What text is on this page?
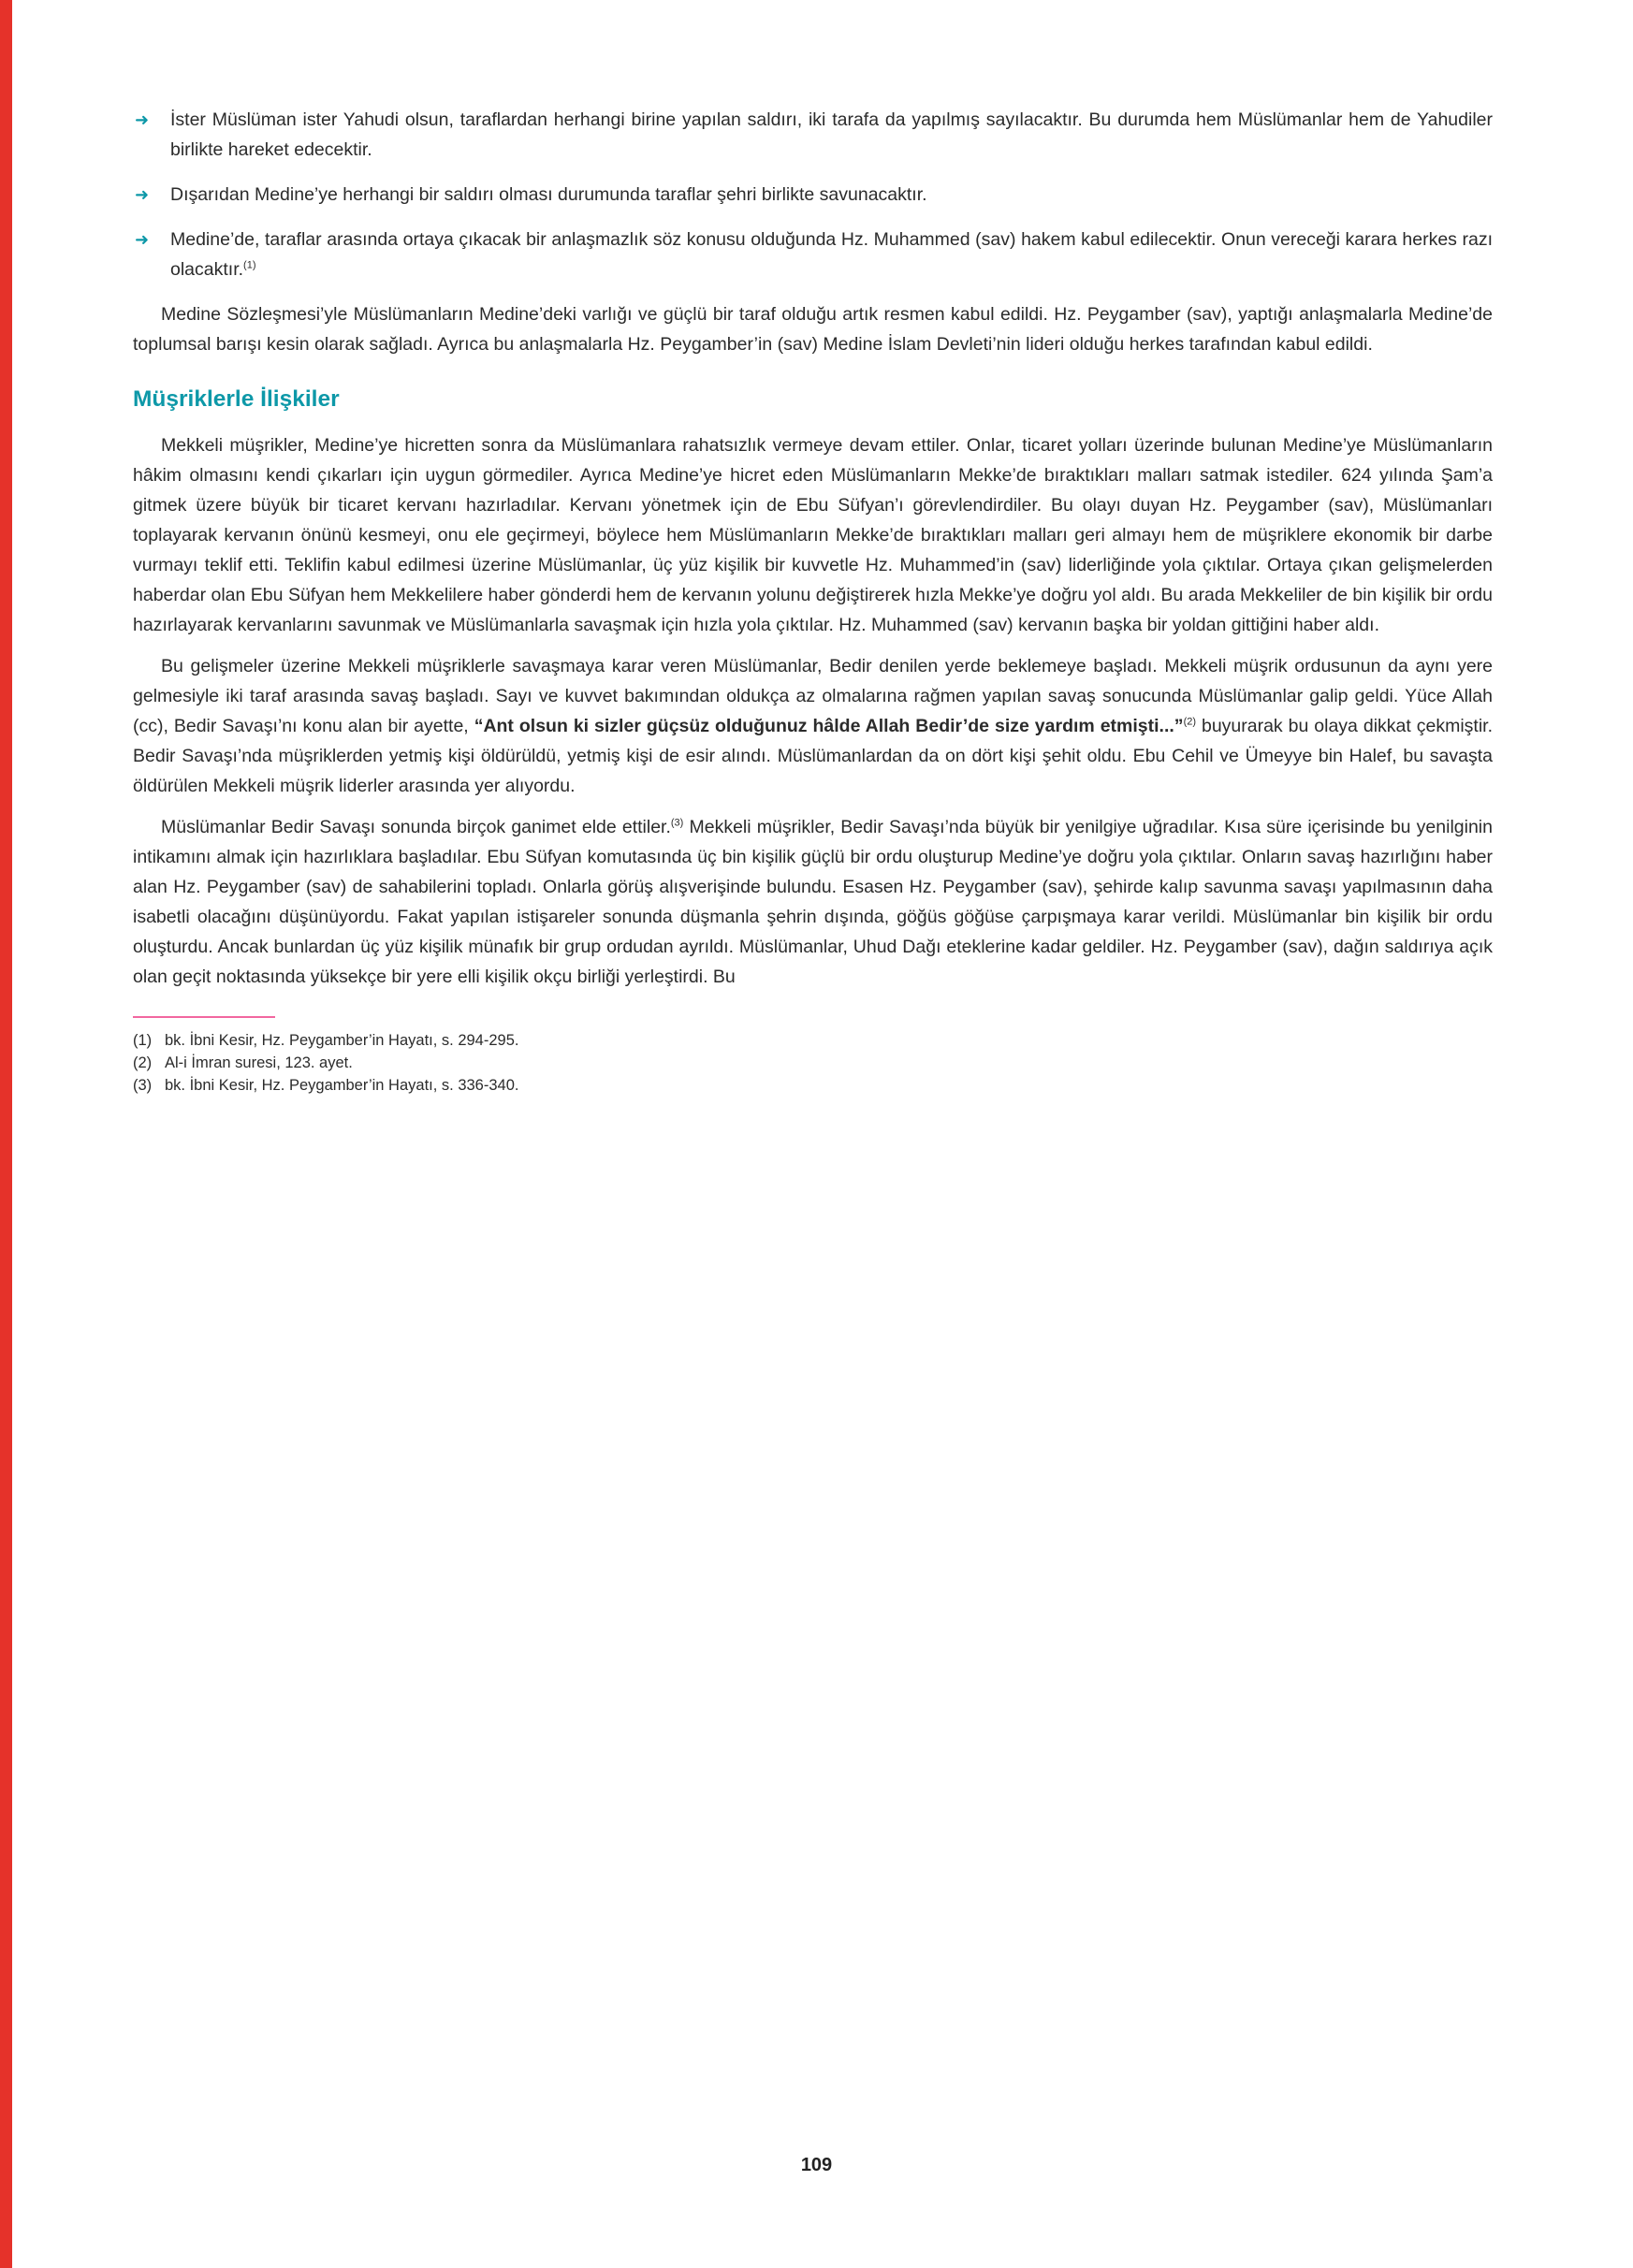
➜ İster Müslüman ister Yahudi olsun, taraflardan herhangi birine yapılan saldırı, iki tarafa da yapılmış sayılacaktır. Bu durumda hem Müslümanlar hem de Yahudiler birlikte hareket edecektir.
➜ Dışarıdan Medine’ye herhangi bir saldırı olması durumunda taraflar şehri birlikte savunacaktır.
➜ Medine’de, taraflar arasında ortaya çıkacak bir anlaşmazlık söz konusu olduğunda Hz. Muhammed (sav) hakem kabul edilecektir. Onun vereceği karara herkes razı olacaktır.$^{(1)}$

Medine Sözleşmesi’yle Müslümanların Medine’deki varlığı ve güçlü bir taraf olduğu artık resmen kabul edildi. Hz. Peygamber (sav), yaptığı anlaşmalarla Medine’de toplumsal barışı kesin olarak sağladı. Ayrıca bu anlaşmalarla Hz. Peygamber’in (sav) Medine İslam Devleti’nin lideri olduğu herkes tarafından kabul edildi.

Müşriklerle İlişkiler

Mekkeli müşrikler, Medine’ye hicretten sonra da Müslümanlara rahatsızlık vermeye devam ettiler. Onlar, ticaret yolları üzerinde bulunan Medine’ye Müslümanların hâkim olmasını kendi çıkarları için uygun görmediler. Ayrıca Medine’ye hicret eden Müslümanların Mekke’de bıraktıkları malları satmak istediler. 624 yılında Şam’a gitmek üzere büyük bir ticaret kervanı hazırladılar. Kervanı yönetmek için de Ebu Süfyan’ı görevlendirdiler. Bu olayı duyan Hz. Peygamber (sav), Müslümanları toplayarak kervanın önünü kesmeyi, onu ele geçirmeyi, böylece hem Müslümanların Mekke’de bıraktıkları malları geri almayı hem de müşriklere ekonomik bir darbe vurmayı teklif etti. Teklifin kabul edilmesi üzerine Müslümanlar, üç yüz kişilik bir kuvvetle Hz. Muhammed’in (sav) liderliğinde yola çıktılar. Ortaya çıkan gelişmelerden haberdar olan Ebu Süfyan hem Mekkelilere haber gönderdi hem de kervanın yolunu değiştirerek hızla Mekke’ye doğru yol aldı. Bu arada Mekkeliler de bin kişilik bir ordu hazırlayarak kervanlarını savunmak ve Müslümanlarla savaşmak için hızla yola çıktılar. Hz. Muhammed (sav) kervanın başka bir yoldan gittiğini haber aldı.

Bu gelişmeler üzerine Mekkeli müşriklerle savaşmaya karar veren Müslümanlar, Bedir denilen yerde beklemeye başladı. Mekkeli müşrik ordusunun da aynı yere gelmesiyle iki taraf arasında savaş başladı. Sayı ve kuvvet bakımından oldukça az olmalarına rağmen yapılan savaş sonucunda Müslümanlar galip geldi. Yüce Allah (cc), Bedir Savaşı’nı konu alan bir ayette, “Ant olsun ki sizler güçsüz olduğunuz hâlde Allah Bedir’de size yardım etmişti...”$^{(2)}$ buyurarak bu olaya dikkat çekmiştir. Bedir Savaşı’nda müşriklerden yetmiş kişi öldürüldü, yetmiş kişi de esir alındı. Müslümanlardan da on dört kişi şehit oldu. Ebu Cehil ve Ümeyye bin Halef, bu savaşta öldürülen Mekkeli müşrik liderler arasında yer alıyordu.

Müslümanlar Bedir Savaşı sonunda birçok ganimet elde ettiler.$^{(3)}$ Mekkeli müşrikler, Bedir Savaşı’nda büyük bir yenilgiye uğradılar. Kısa süre içerisinde bu yenilginin intikamını almak için hazırlıklara başladılar. Ebu Süfyan komutasında üç bin kişilik güçlü bir ordu oluşturup Medine’ye doğru yola çıktılar. Onların savaş hazırlığını haber alan Hz. Peygamber (sav) de sahabilerini topladı. Onlarla görüş alışverişinde bulundu. Esasen Hz. Peygamber (sav), şehirde kalıp savunma savaşı yapılmasının daha isabetli olacağını düşünüyordu. Fakat yapılan istişareler sonunda düşmanla şehrin dışında, göğüs göğüse çarpışmaya karar verildi. Müslümanlar bin kişilik bir ordu oluşturdu. Ancak bunlardan üç yüz kişilik münafık bir grup ordudan ayrıldı. Müslümanlar, Uhud Dağı eteklerine kadar geldiler. Hz. Peygamber (sav), dağın saldırıya açık olan geçit noktasında yüksekçe bir yere elli kişilik okçu birliği yerleştirdi. Bu

(1) bk. İbni Kesir, Hz. Peygamber’in Hayatı, s. 294-295.
(2) Al-i İmran suresi, 123. ayet.
(3) bk. İbni Kesir, Hz. Peygamber’in Hayatı, s. 336-340.
109
